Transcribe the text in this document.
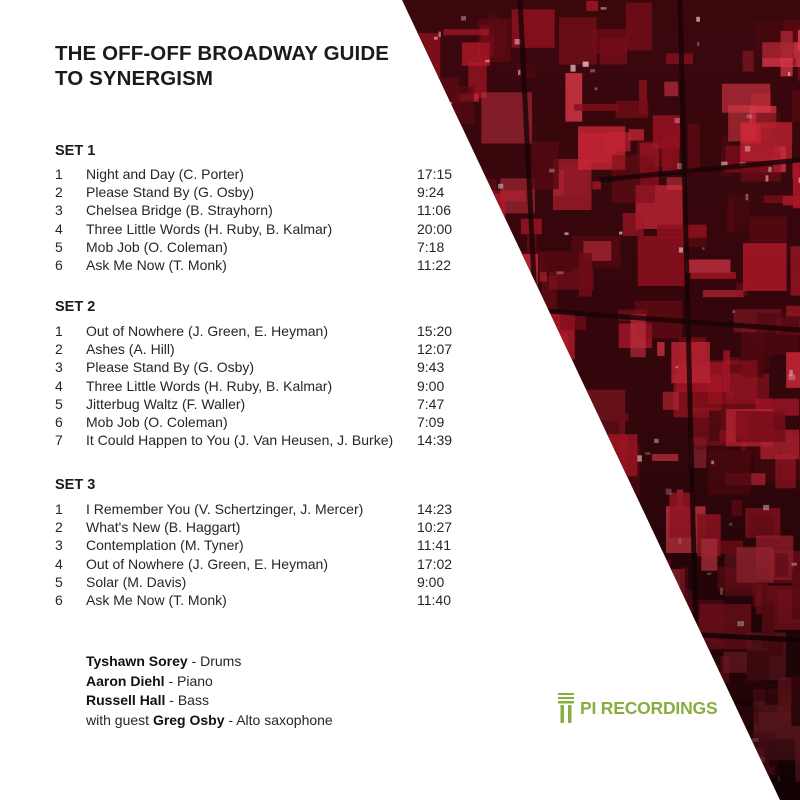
THE OFF-OFF BROADWAY GUIDE
TO SYNERGISM
SET 1
1 Night and Day (C. Porter)	17:15
2 Please Stand By (G. Osby)	9:24
3 Chelsea Bridge (B. Strayhorn)	11:06
4 Three Little Words (H. Ruby, B. Kalmar)	20:00
5 Mob Job (O. Coleman)	7:18
6 Ask Me Now (T. Monk)	11:22
SET 2
1 Out of Nowhere (J. Green, E. Heyman)	15:20
2 Ashes (A. Hill)	12:07
3 Please Stand By (G. Osby)	9:43
4 Three Little Words (H. Ruby, B. Kalmar)	9:00
5 Jitterbug Waltz (F. Waller)	7:47
6 Mob Job (O. Coleman)	7:09
7 It Could Happen to You (J. Van Heusen, J. Burke) 14:39
SET 3
1 I Remember You (V. Schertzinger, J. Mercer)	14:23
2 What's New (B. Haggart)	10:27
3 Contemplation (M. Tyner)	11:41
4 Out of Nowhere (J. Green, E. Heyman)	17:02
5 Solar (M. Davis)	9:00
6 Ask Me Now (T. Monk)	11:40
Tyshawn Sorey - Drums
Aaron Diehl - Piano
Russell Hall - Bass
with guest Greg Osby - Alto saxophone
PI RECORDINGS
